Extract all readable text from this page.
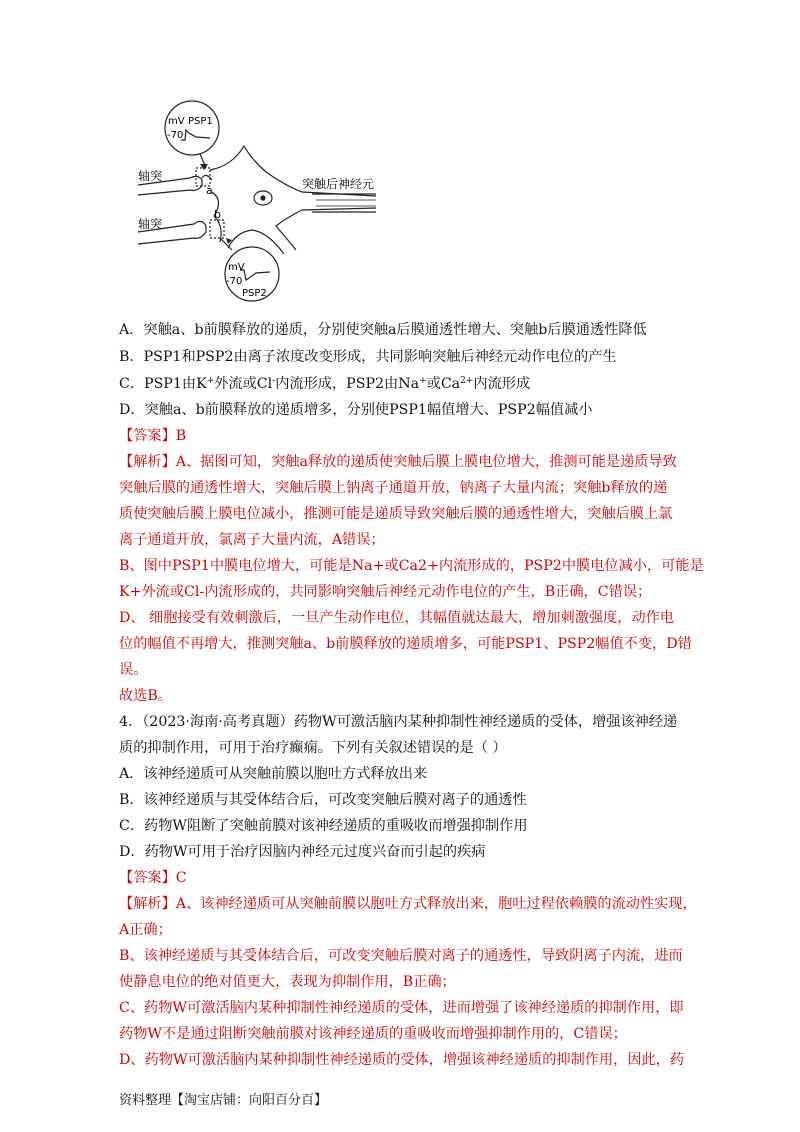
mV
-70
PSP1
mV
-70
PSP2
轴突
轴突
a
b
突触后神经元
A．突触a、b前膜释放的递质，分别使突触a后膜通透性增大、突触b后膜通透性降低
B．PSP1和PSP2由离子浓度改变形成，共同影响突触后神经元动作电位的产生
C．PSP1由K+外流或Cl-内流形成，PSP2由Na+或$Ca^{2+}$内流形成
D．突触a、b前膜释放的递质增多，分别使PSP1幅值增大、PSP2幅值减小
【答案】B
【解析】A、据图可知，突触a释放的递质使突触后膜上膜电位增大，推测可能是递质导致
突触后膜的通透性增大，突触后膜上钠离子通道开放，钠离子大量内流；突触b释放的递
质使突触后膜上膜电位减小，推测可能是递质导致突触后膜的通透性增大，突触后膜上氯
离子通道开放，氯离子大量内流，A错误；
B、图中PSP1中膜电位增大，可能是Na+或Ca2+内流形成的，PSP2中膜电位减小，可能是
K+外流或Cl-内流形成的，共同影响突触后神经元动作电位的产生，B正确，C错误；
D、 细胞接受有效刺激后，一旦产生动作电位，其幅值就达最大，增加刺激强度，动作电
位的幅值不再增大，推测突触a、b前膜释放的递质增多，可能PSP1、PSP2幅值不变，D错
误。
故选B。
4．（2023·海南·高考真题）药物W可激活脑内某种抑制性神经递质的受体，增强该神经递
质的抑制作用，可用于治疗癫痫。下列有关叙述错误的是（ ）
A．该神经递质可从突触前膜以胞吐方式释放出来
B．该神经递质与其受体结合后，可改变突触后膜对离子的通透性
C．药物W阻断了突触前膜对该神经递质的重吸收而增强抑制作用
D．药物W可用于治疗因脑内神经元过度兴奋而引起的疾病
【答案】C
【解析】A、该神经递质可从突触前膜以胞吐方式释放出来，胞吐过程依赖膜的流动性实现，
A正确；
B、该神经递质与其受体结合后，可改变突触后膜对离子的通透性，导致阴离子内流，进而
使静息电位的绝对值更大，表现为抑制作用，B正确；
C、药物W可激活脑内某种抑制性神经递质的受体，进而增强了该神经递质的抑制作用，即
药物W不是通过阻断突触前膜对该神经递质的重吸收而增强抑制作用的，C错误；
D、药物W可激活脑内某种抑制性神经递质的受体，增强该神经递质的抑制作用，因此，药
资料整理【淘宝店铺：向阳百分百】
